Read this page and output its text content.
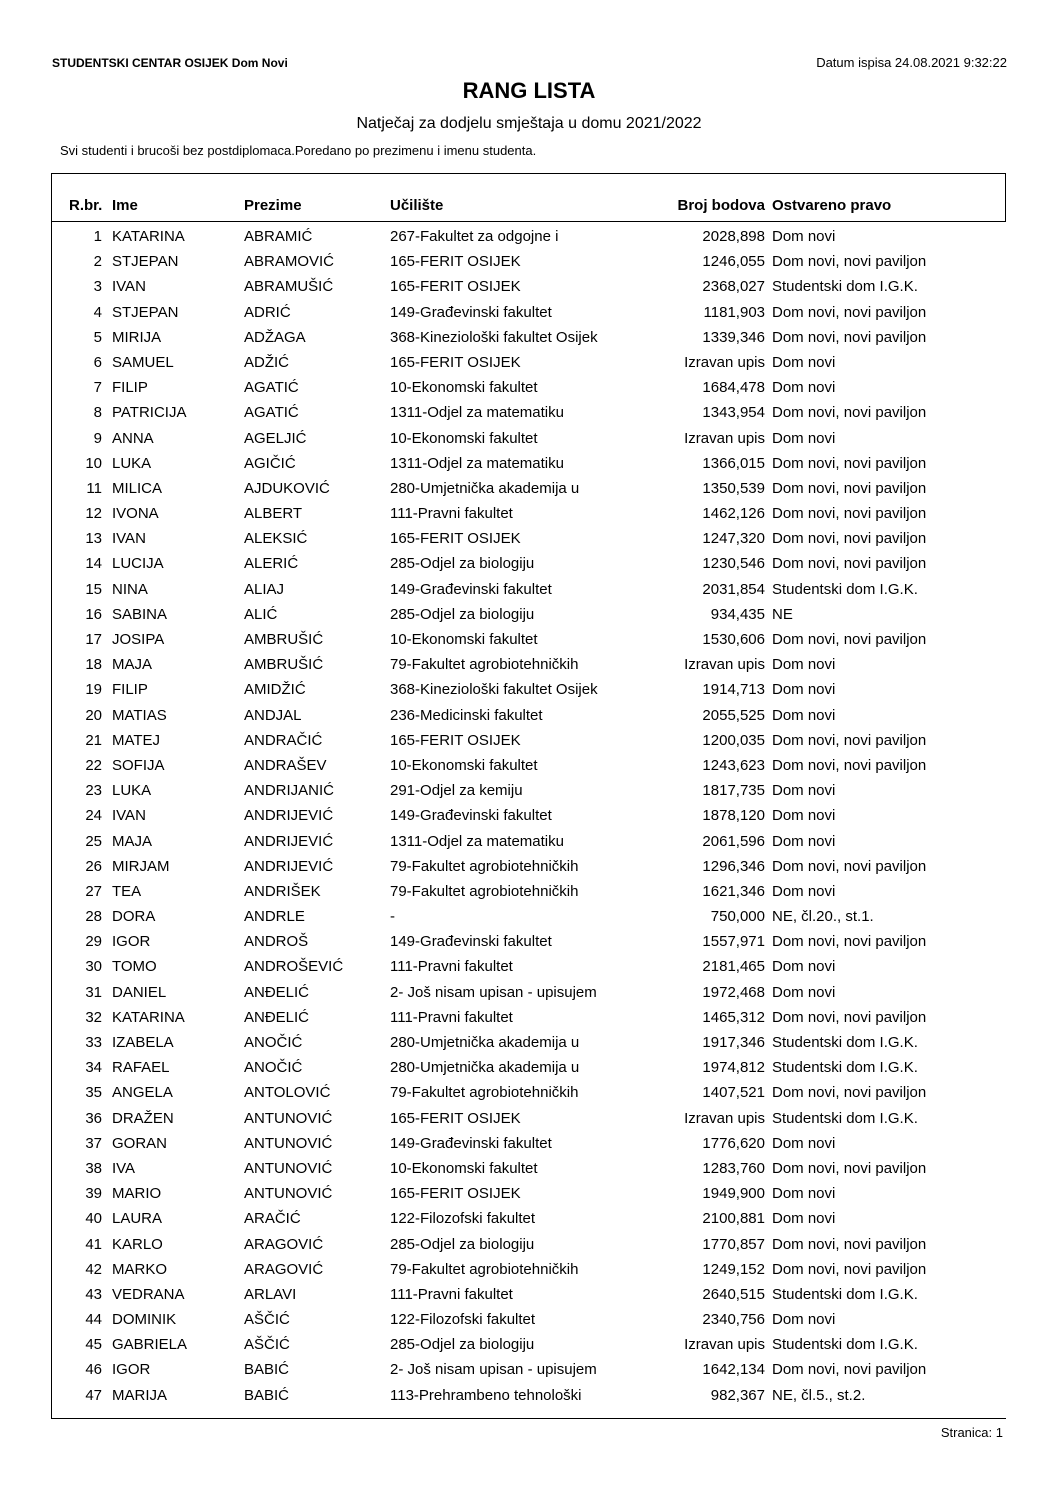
STUDENTSKI CENTAR OSIJEK Dom Novi	Datum ispisa 24.08.2021 9:32:22
RANG LISTA
Natječaj za dodjelu smještaja u domu 2021/2022
Svi studenti i brucoši bez postdiplomaca.Poredano po prezimenu i imenu studenta.
R.br. Ime	Prezime	Učilište	Broj bodova Ostvareno pravo
1 KATARINA	ABRAMIĆ	267-Fakultet za odgojne i	2028,898 Dom novi
2 STJEPAN	ABRAMOVIĆ	165-FERIT OSIJEK	1246,055 Dom novi, novi paviljon
3 IVAN	ABRAMUŠIĆ	165-FERIT OSIJEK	2368,027 Studentski dom I.G.K.
4 STJEPAN	ADRIĆ	149-Građevinski fakultet	1181,903 Dom novi, novi paviljon
5 MIRIJA	ADŽAGA	368-Kineziološki fakultet Osijek	1339,346 Dom novi, novi paviljon
6 SAMUEL	ADŽIĆ	165-FERIT OSIJEK	Izravan upis Dom novi
7 FILIP	AGATIĆ	10-Ekonomski fakultet	1684,478 Dom novi
8 PATRICIJA	AGATIĆ	1311-Odjel za matematiku	1343,954 Dom novi, novi paviljon
9 ANNA	AGELJIĆ	10-Ekonomski fakultet	Izravan upis Dom novi
10 LUKA	AGIČIĆ	1311-Odjel za matematiku	1366,015 Dom novi, novi paviljon
11 MILICA	AJDUKOVIĆ	280-Umjetnička akademija u	1350,539 Dom novi, novi paviljon
12 IVONA	ALBERT	111-Pravni fakultet	1462,126 Dom novi, novi paviljon
13 IVAN	ALEKSIĆ	165-FERIT OSIJEK	1247,320 Dom novi, novi paviljon
14 LUCIJA	ALERIĆ	285-Odjel za biologiju	1230,546 Dom novi, novi paviljon
15 NINA	ALIAJ	149-Građevinski fakultet	2031,854 Studentski dom I.G.K.
16 SABINA	ALIĆ	285-Odjel za biologiju	934,435 NE
17 JOSIPA	AMBRUŠIĆ	10-Ekonomski fakultet	1530,606 Dom novi, novi paviljon
18 MAJA	AMBRUŠIĆ	79-Fakultet agrobiotehničkih	Izravan upis Dom novi
19 FILIP	AMIDŽIĆ	368-Kineziološki fakultet Osijek	1914,713 Dom novi
20 MATIAS	ANDJAL	236-Medicinski fakultet	2055,525 Dom novi
21 MATEJ	ANDRAČIĆ	165-FERIT OSIJEK	1200,035 Dom novi, novi paviljon
22 SOFIJA	ANDRAŠEV	10-Ekonomski fakultet	1243,623 Dom novi, novi paviljon
23 LUKA	ANDRIJANIĆ	291-Odjel za kemiju	1817,735 Dom novi
24 IVAN	ANDRIJEVIĆ	149-Građevinski fakultet	1878,120 Dom novi
25 MAJA	ANDRIJEVIĆ	1311-Odjel za matematiku	2061,596 Dom novi
26 MIRJAM	ANDRIJEVIĆ	79-Fakultet agrobiotehničkih	1296,346 Dom novi, novi paviljon
27 TEA	ANDRIŠEK	79-Fakultet agrobiotehničkih	1621,346 Dom novi
28 DORA	ANDRLE	-	750,000 NE, čl.20., st.1.
29 IGOR	ANDROŠ	149-Građevinski fakultet	1557,971 Dom novi, novi paviljon
30 TOMO	ANDROŠEVIĆ	111-Pravni fakultet	2181,465 Dom novi
31 DANIEL	ANĐELIĆ	2- Još nisam upisan - upisujem	1972,468 Dom novi
32 KATARINA	ANĐELIĆ	111-Pravni fakultet	1465,312 Dom novi, novi paviljon
33 IZABELA	ANOČIĆ	280-Umjetnička akademija u	1917,346 Studentski dom I.G.K.
34 RAFAEL	ANOČIĆ	280-Umjetnička akademija u	1974,812 Studentski dom I.G.K.
35 ANGELA	ANTOLOVIĆ	79-Fakultet agrobiotehničkih	1407,521 Dom novi, novi paviljon
36 DRAŽEN	ANTUNOVIĆ	165-FERIT OSIJEK	Izravan upis Studentski dom I.G.K.
37 GORAN	ANTUNOVIĆ	149-Građevinski fakultet	1776,620 Dom novi
38 IVA	ANTUNOVIĆ	10-Ekonomski fakultet	1283,760 Dom novi, novi paviljon
39 MARIO	ANTUNOVIĆ	165-FERIT OSIJEK	1949,900 Dom novi
40 LAURA	ARAČIĆ	122-Filozofski fakultet	2100,881 Dom novi
41 KARLO	ARAGOVIĆ	285-Odjel za biologiju	1770,857 Dom novi, novi paviljon
42 MARKO	ARAGOVIĆ	79-Fakultet agrobiotehničkih	1249,152 Dom novi, novi paviljon
43 VEDRANA	ARLAVI	111-Pravni fakultet	2640,515 Studentski dom I.G.K.
44 DOMINIK	AŠČIĆ	122-Filozofski fakultet	2340,756 Dom novi
45 GABRIELA	AŠČIĆ	285-Odjel za biologiju	Izravan upis Studentski dom I.G.K.
46 IGOR	BABIĆ	2- Još nisam upisan - upisujem	1642,134 Dom novi, novi paviljon
47 MARIJA	BABIĆ	113-Prehrambeno tehnološki	982,367 NE, čl.5., st.2.
Stranica: 1
